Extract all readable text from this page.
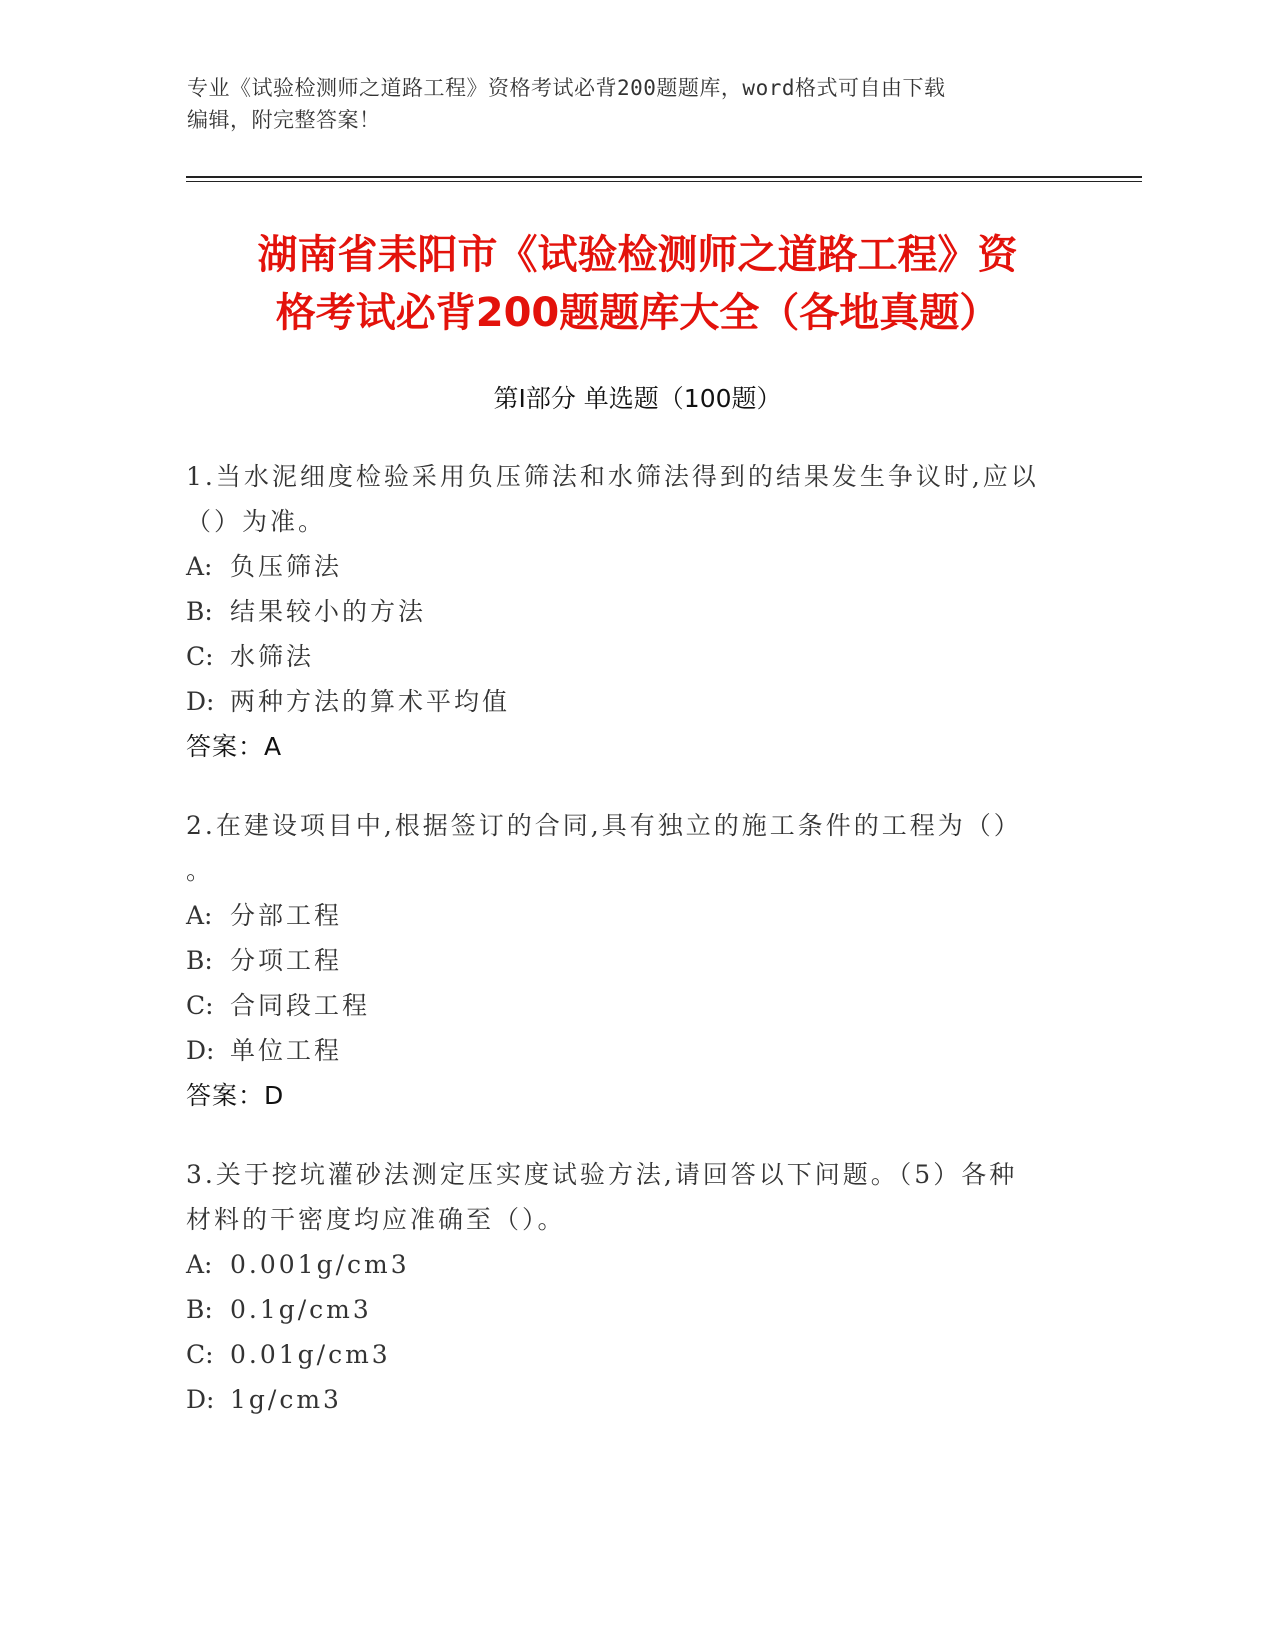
专业《试验检测师之道路工程》资格考试必背200题题库，word格式可自由下载
编辑，附完整答案！
湖南省耒阳市《试验检测师之道路工程》资
格考试必背200题题库大全（各地真题）
第Ⅰ部分 单选题（100题）

1.当水泥细度检验采用负压筛法和水筛法得到的结果发生争议时,应以
（）为准。

A: 负压筛法

B: 结果较小的方法

C: 水筛法

D: 两种方法的算术平均值

答案：A

2.在建设项目中,根据签订的合同,具有独立的施工条件的工程为（）
。

A: 分部工程

B: 分项工程

C: 合同段工程

D: 单位工程

答案：D

3.关于挖坑灌砂法测定压实度试验方法,请回答以下问题。（5）各种
材料的干密度均应准确至（）。

A: 0.001g/cm3

B: 0.1g/cm3

C: 0.01g/cm3

D: 1g/cm3
